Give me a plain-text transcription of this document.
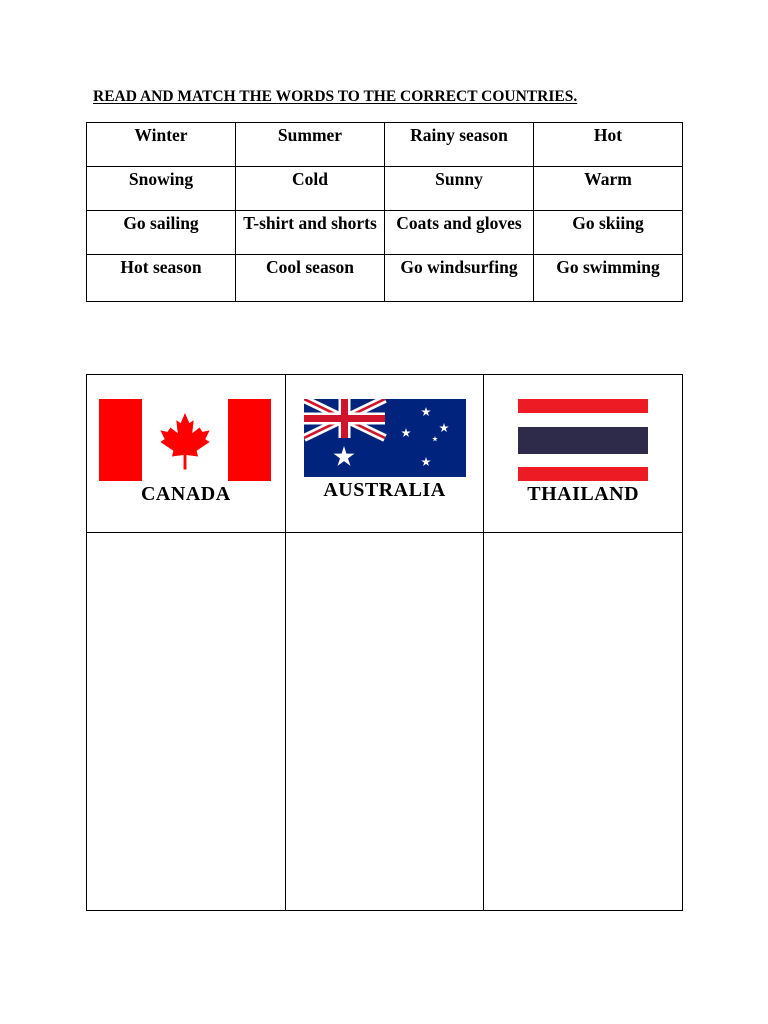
READ AND MATCH THE WORDS TO THE CORRECT COUNTRIES.
Winter	Summer	Rainy season	Hot
Snowing	Cold	Sunny	Warm
Go sailing	T-shirt and shorts	Coats and gloves	Go skiing
Hot season	Cool season	Go windsurfing	Go swimming
CANADA	AUSTRALIA	THAILAND
